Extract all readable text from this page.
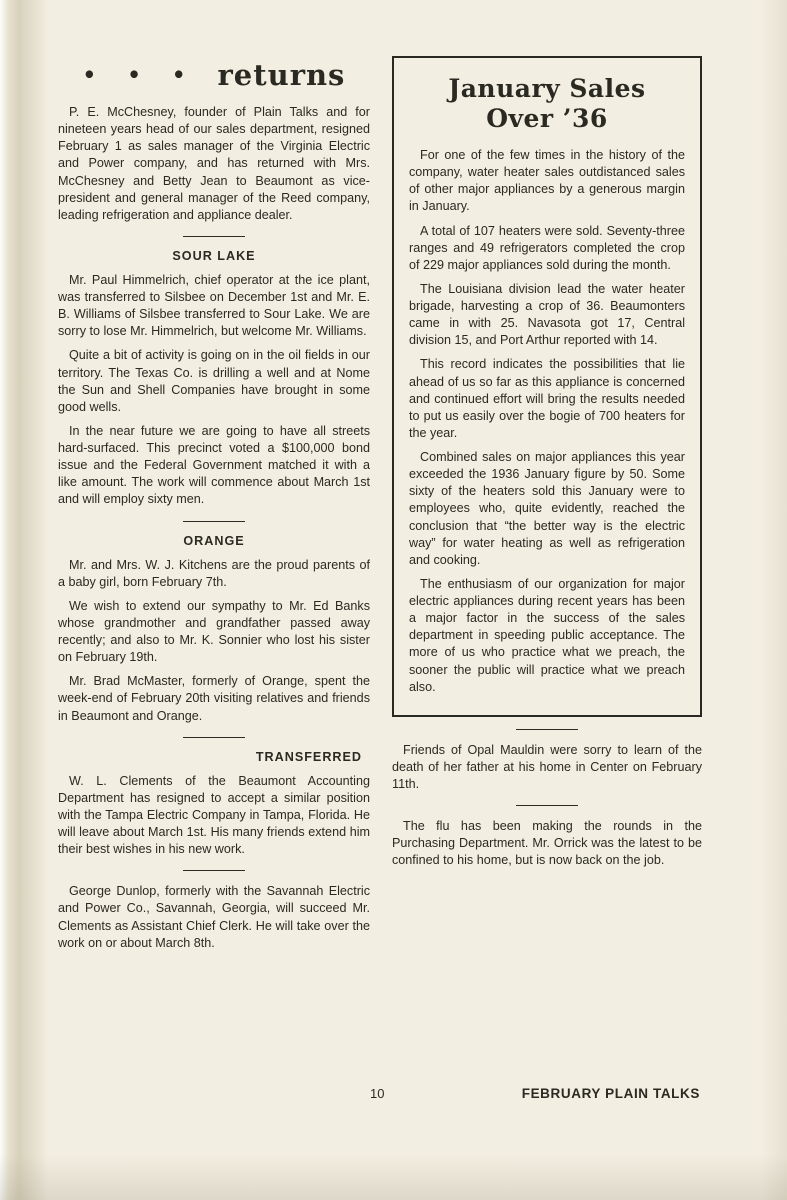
• • • returns

P. E. McChesney, founder of Plain Talks and for nineteen years head of our sales department, resigned February 1 as sales manager of the Virginia Electric and Power company, and has returned with Mrs. McChesney and Betty Jean to Beaumont as vice-president and general manager of the Reed company, leading refrigeration and appliance dealer.

SOUR LAKE

Mr. Paul Himmelrich, chief operator at the ice plant, was transferred to Silsbee on December 1st and Mr. E. B. Williams of Silsbee transferred to Sour Lake. We are sorry to lose Mr. Himmelrich, but welcome Mr. Williams.

Quite a bit of activity is going on in the oil fields in our territory. The Texas Co. is drilling a well and at Nome the Sun and Shell Companies have brought in some good wells.

In the near future we are going to have all streets hard-surfaced. This precinct voted a $100,000 bond issue and the Federal Government matched it with a like amount. The work will commence about March 1st and will employ sixty men.

ORANGE

Mr. and Mrs. W. J. Kitchens are the proud parents of a baby girl, born February 7th.

We wish to extend our sympathy to Mr. Ed Banks whose grandmother and grandfather passed away recently; and also to Mr. K. Sonnier who lost his sister on February 19th.

Mr. Brad McMaster, formerly of Orange, spent the week-end of February 20th visiting relatives and friends in Beaumont and Orange.

TRANSFERRED

W. L. Clements of the Beaumont Accounting Department has resigned to accept a similar position with the Tampa Electric Company in Tampa, Florida. He will leave about March 1st. His many friends extend him their best wishes in his new work.

George Dunlop, formerly with the Savannah Electric and Power Co., Savannah, Georgia, will succeed Mr. Clements as Assistant Chief Clerk. He will take over the work on or about March 8th.

January Sales
Over ’36

For one of the few times in the history of the company, water heater sales outdistanced sales of other major appliances by a generous margin in January.

A total of 107 heaters were sold. Seventy-three ranges and 49 refrigerators completed the crop of 229 major appliances sold during the month.

The Louisiana division lead the water heater brigade, harvesting a crop of 36. Beaumonters came in with 25. Navasota got 17, Central division 15, and Port Arthur reported with 14.

This record indicates the possibilities that lie ahead of us so far as this appliance is concerned and continued effort will bring the results needed to put us easily over the bogie of 700 heaters for the year.

Combined sales on major appliances this year exceeded the 1936 January figure by 50. Some sixty of the heaters sold this January were to employees who, quite evidently, reached the conclusion that “the better way is the electric way” for water heating as well as refrigeration and cooking.

The enthusiasm of our organization for major electric appliances during recent years has been a major factor in the success of the sales department in speeding public acceptance. The more of us who practice what we preach, the sooner the public will practice what we preach also.

Friends of Opal Mauldin were sorry to learn of the death of her father at his home in Center on February 11th.

The flu has been making the rounds in the Purchasing Department. Mr. Orrick was the latest to be confined to his home, but is now back on the job.

10	FEBRUARY PLAIN TALKS
